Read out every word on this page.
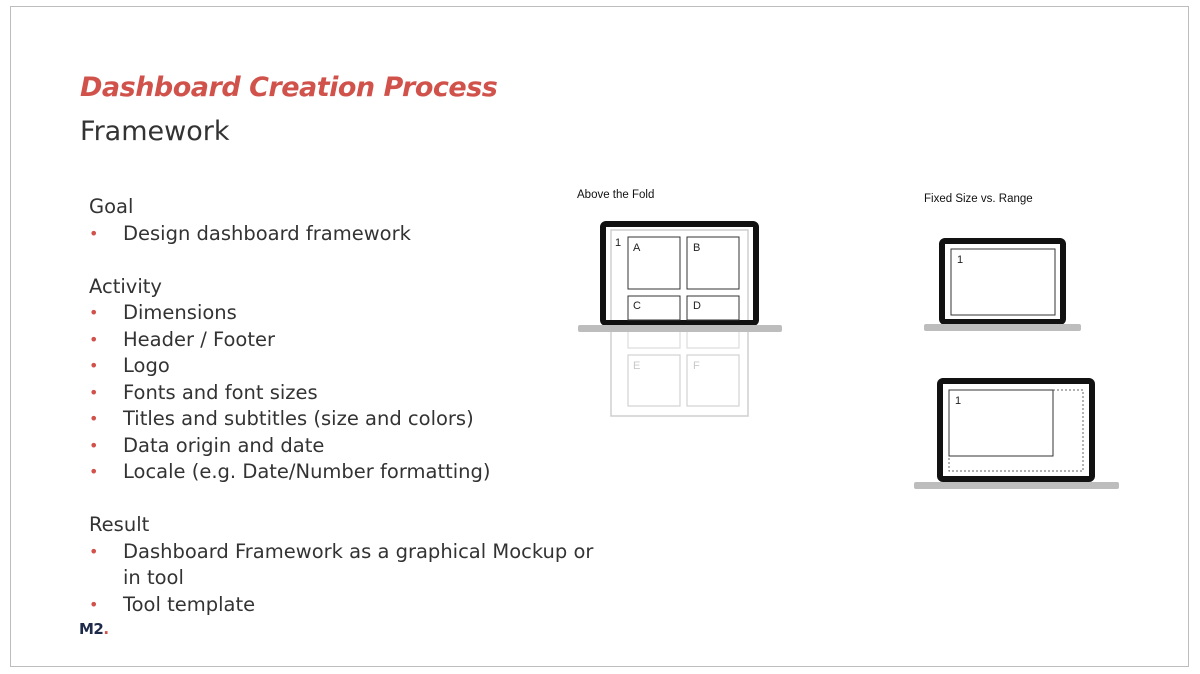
Dashboard Creation Process
Framework

Goal

• Design dashboard framework

Activity

• Dimensions
• Header / Footer
• Logo
• Fonts and font sizes
• Titles and subtitles (size and colors)
• Data origin and date
• Locale (e.g. Date/Number formatting)

Result

• Dashboard Framework as a graphical Mockup or in tool
• Tool template
M2.
Above the Fold	Fixed Size vs. Range
E	F
1 A	B
C	D
1
1
